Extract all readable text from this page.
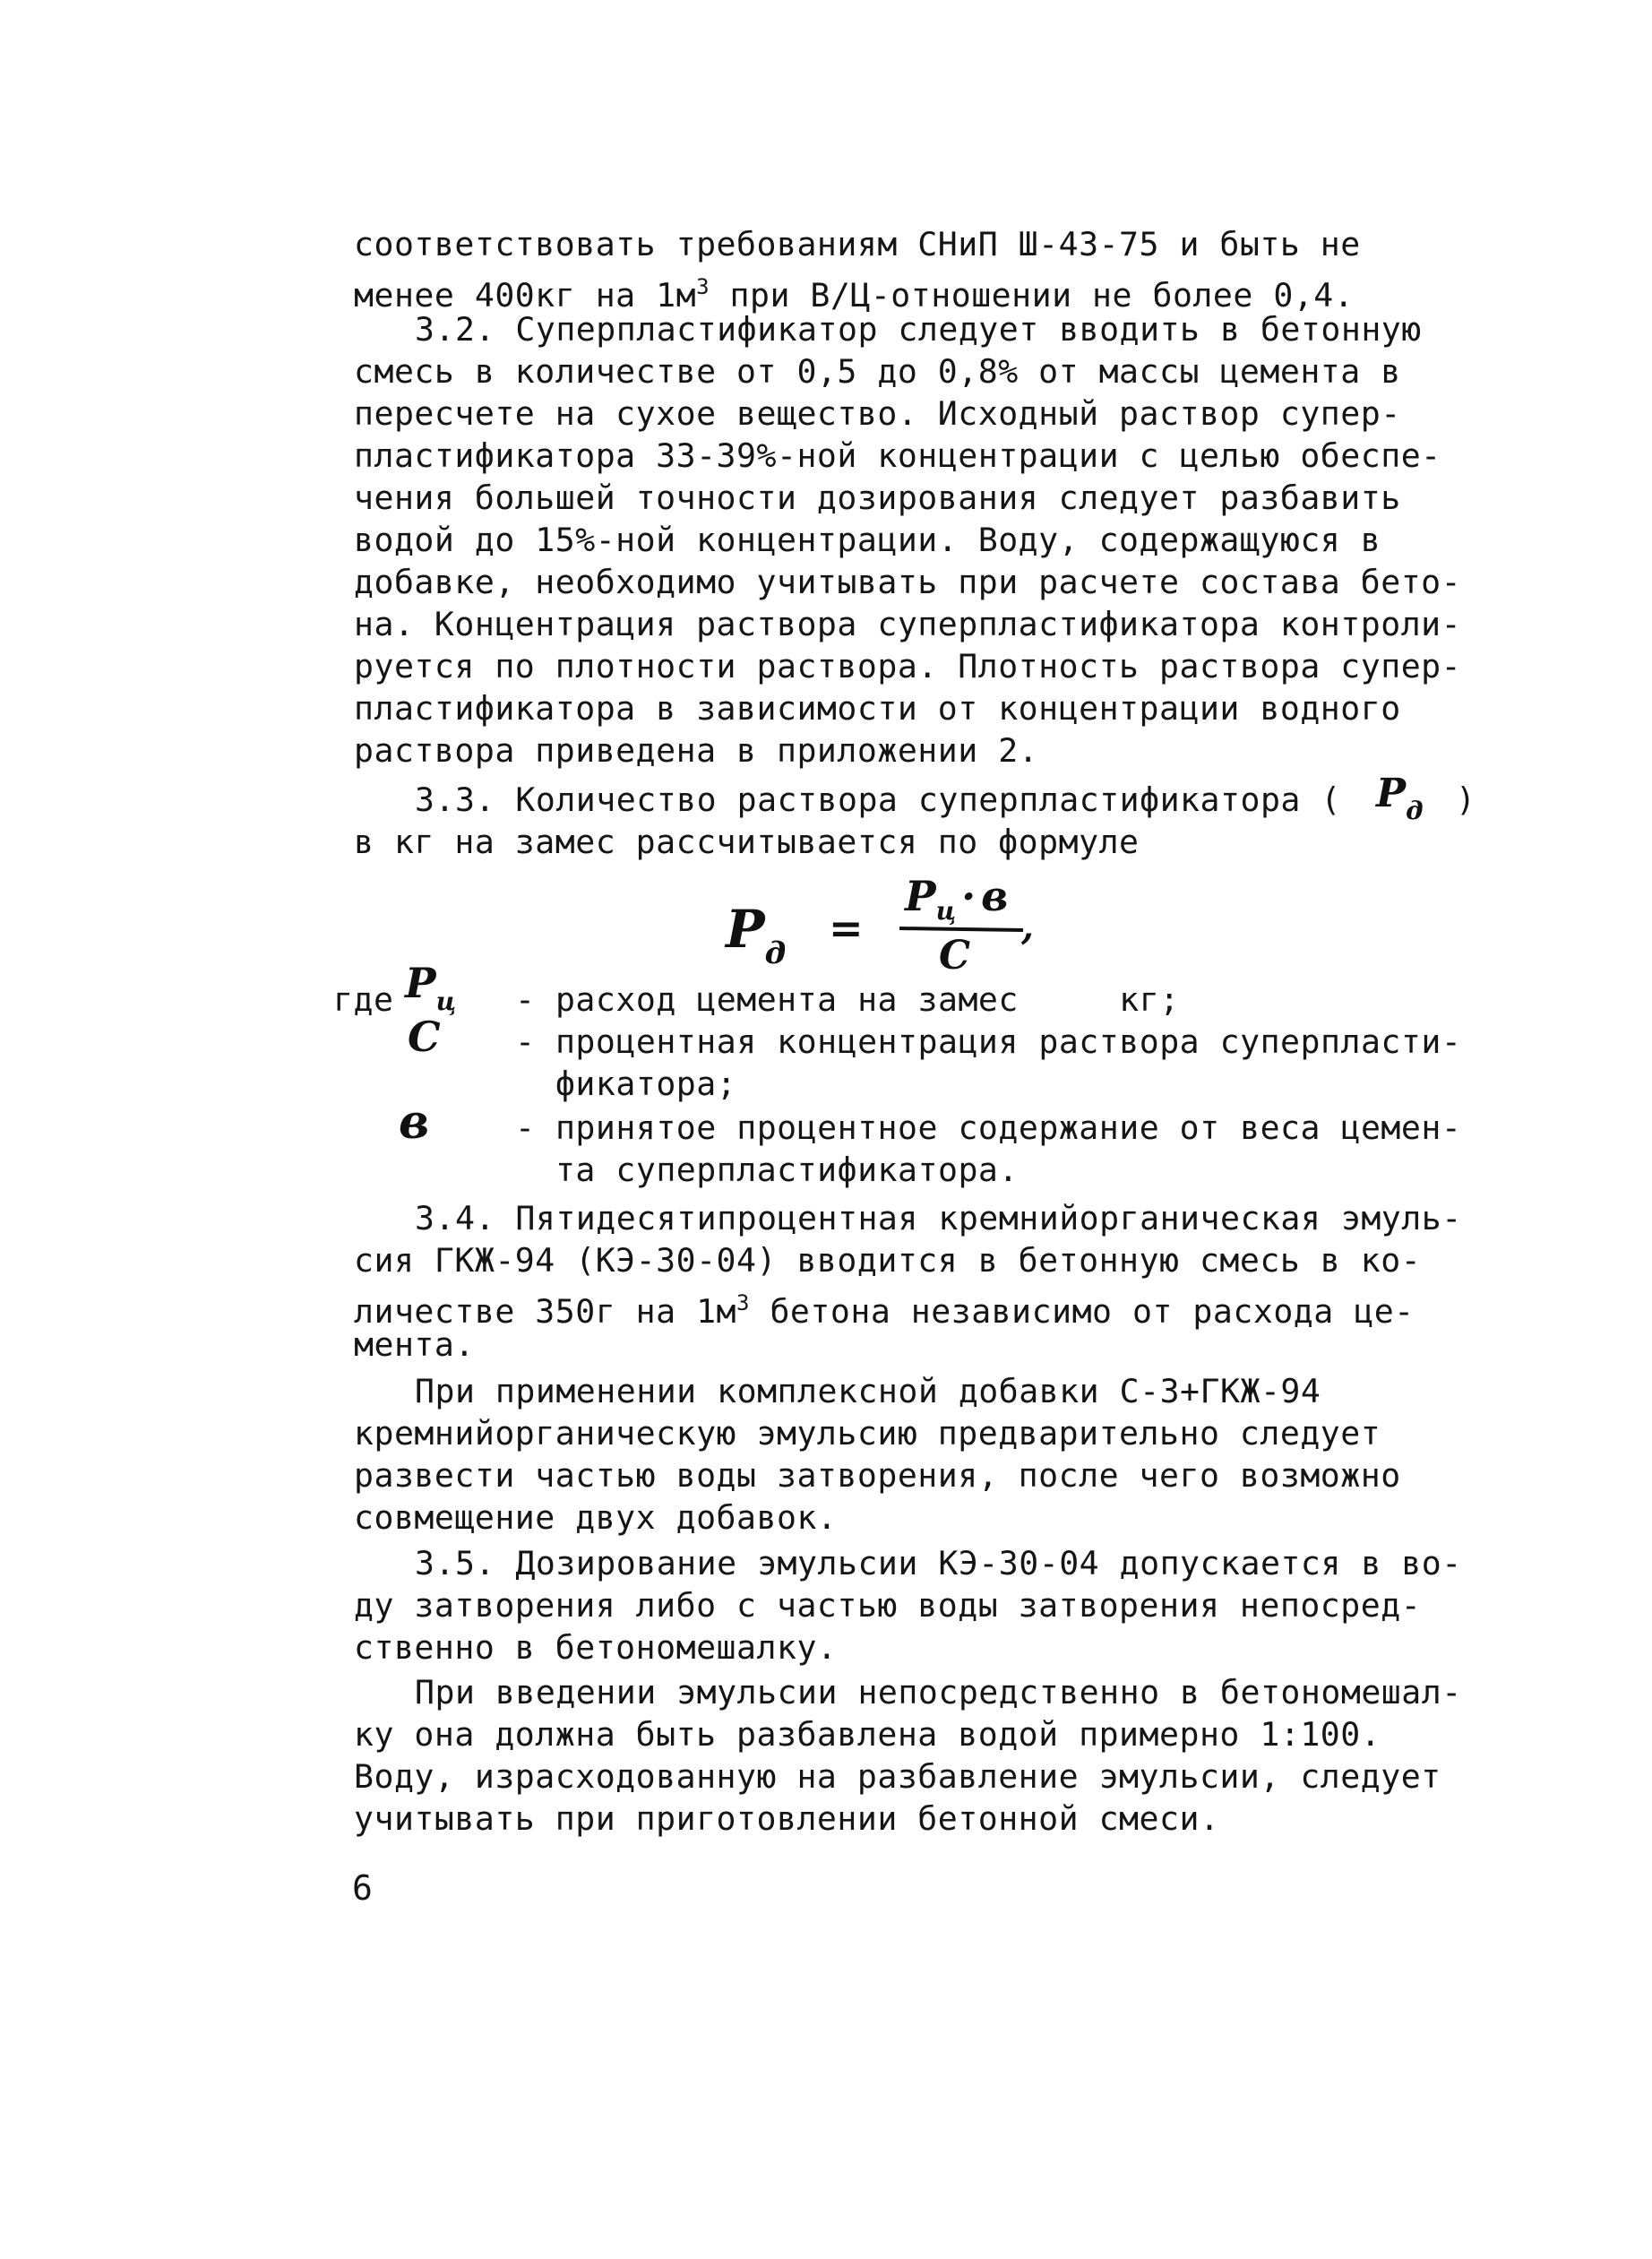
соответствовать требованиям СНиП Ш-43-75 и быть не
менее 400кг на $1м^3$ при В/Ц-отношении не более 0,4.
3.2. Суперпластификатор следует вводить в бетонную
смесь в количестве от 0,5 до 0,8% от массы цемента в
пересчете на сухое вещество. Исходный раствор супер-
пластификатора 33-39%-ной концентрации с целью обеспе-
чения большей точности дозирования следует разбавить
водой до 15%-ной концентрации. Воду, содержащуюся в
добавке, необходимо учитывать при расчете состава бето-
на. Концентрация раствора суперпластификатора контроли-
руется по плотности раствора. Плотность раствора супер-
пластификатора в зависимости от концентрации водного
раствора приведена в приложении 2.
3.3. Количество раствора суперпластификатора ( $Р_д$ )
в кг на замес рассчитывается по формуле
$Р_д$
=
$Р_ц \cdot в$
С
,
где $Р_ц$ - расход цемента на замес     кг;
С - процентная концентрация раствора суперпласти-
фикатора;
в	- принятое процентное содержание от веса цемен-
та суперпластификатора.
3.4. Пятидесятипроцентная кремнийорганическая эмуль-
сия ГКЖ-94 (КЭ-30-04) вводится в бетонную смесь в ко-
личестве 350г на $1м^3$ бетона независимо от расхода це-
мента.
При применении комплексной добавки С-3+ГКЖ-94
кремнийорганическую эмульсию предварительно следует
развести частью воды затворения, после чего возможно
совмещение двух добавок.
3.5. Дозирование эмульсии КЭ-30-04 допускается в во-
ду затворения либо с частью воды затворения непосред-
ственно в бетономешалку.
При введении эмульсии непосредственно в бетономешал-
ку она должна быть разбавлена водой примерно 1:100.
Воду, израсходованную на разбавление эмульсии, следует
учитывать при приготовлении бетонной смеси.
6
